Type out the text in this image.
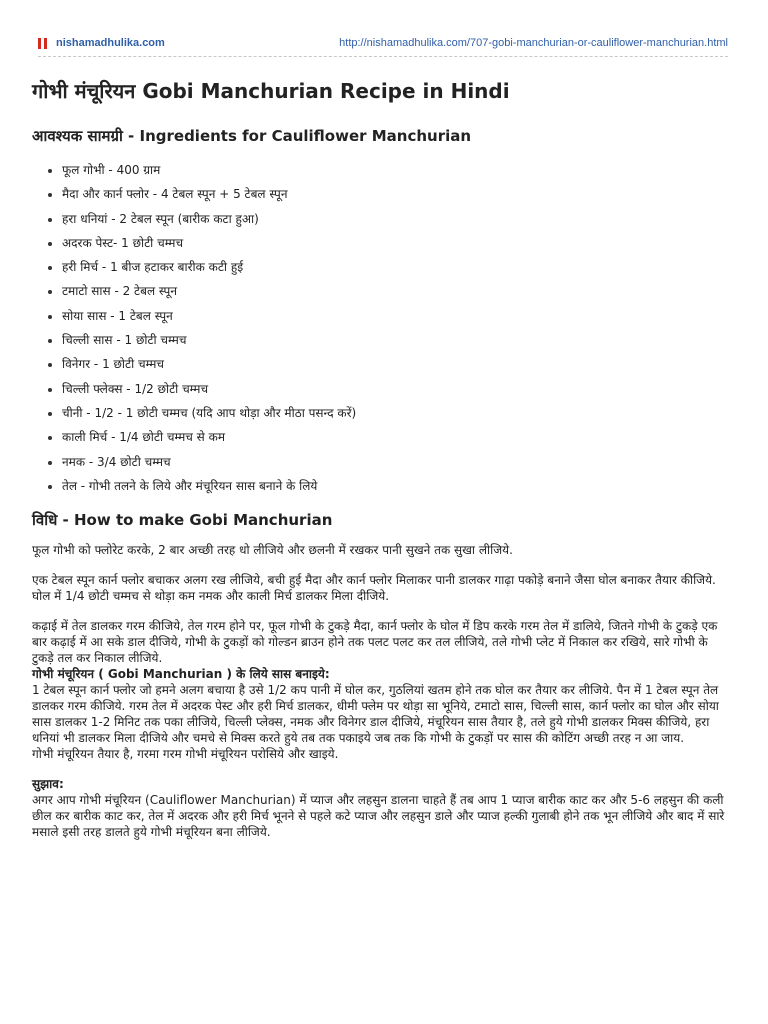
nishamadhulika.com	http://nishamadhulika.com/707-gobi-manchurian-or-cauliflower-manchurian.html
गोभी मंचूरियन Gobi Manchurian Recipe in Hindi
आवश्यक सामग्री - Ingredients for Cauliflower Manchurian
फूल गोभी - 400 ग्राम
मैदा और कार्न फ्लोर - 4 टेबल स्पून + 5 टेबल स्पून
हरा धनियां - 2 टेबल स्पून (बारीक कटा हुआ)
अदरक पेस्ट- 1 छोटी चम्मच
हरी मिर्च - 1 बीज हटाकर बारीक कटी हुई
टमाटो सास - 2 टेबल स्पून
सोया सास - 1 टेबल स्पून
चिल्ली सास - 1 छोटी चम्मच
विनेगर - 1 छोटी चम्मच
चिल्ली फ्लेक्स - 1/2 छोटी चम्मच
चीनी - 1/2 - 1 छोटी चम्मच (यदि आप थोड़ा और मीठा पसन्द करें)
काली मिर्च - 1/4 छोटी चम्मच से कम
नमक - 3/4 छोटी चम्मच
तेल - गोभी तलने के लिये और मंचूरियन सास बनाने के लिये
विधि - How to make Gobi Manchurian

फूल गोभी को फ्लोरेट करके, 2 बार अच्छी तरह धो लीजिये और छलनी में रखकर पानी सुखने तक सुखा लीजिये.

एक टेबल स्पून कार्न फ्लोर बचाकर अलग रख लीजिये, बची हुई मैदा और कार्न फ्लोर मिलाकर पानी डालकर गाढ़ा पकोड़े बनाने जैसा घोल बनाकर तैयार कीजिये. घोल में 1/4 छोटी चम्मच से थोड़ा कम नमक और काली मिर्च डालकर मिला दीजिये.

कढ़ाई में तेल डालकर गरम कीजिये, तेल गरम होने पर, फूल गोभी के टुकड़े मैदा, कार्न फ्लोर के घोल में डिप करके गरम तेल में डालिये, जितने गोभी के टुकड़े एक बार कढ़ाई में आ सके डाल दीजिये, गोभी के टुकड़ों को गोल्डन ब्राउन होने तक पलट पलट कर तल लीजिये, तले गोभी प्लेट में निकाल कर रखिये, सारे गोभी के टुकड़े तल कर निकाल लीजिये.

गोभी मंचूरियन ( Gobi Manchurian ) के लिये सास बनाइये:

1 टेबल स्पून कार्न फ्लोर जो हमने अलग बचाया है उसे 1/2 कप पानी में घोल कर, गुठलियां खतम होने तक घोल कर तैयार कर लीजिये. पैन में 1 टेबल स्पून तेल डालकर गरम कीजिये. गरम तेल में अदरक पेस्ट और हरी मिर्च डालकर, धीमी फ्लेम पर थोड़ा सा भूनिये, टमाटो सास, चिल्ली सास, कार्न फ्लोर का घोल और सोया सास डालकर 1-2 मिनिट तक पका लीजिये, चिल्ली प्लेक्स, नमक और विनेगर डाल दीजिये, मंचूरियन सास तैयार है, तले हुये गोभी डालकर मिक्स कीजिये, हरा धनियां भी डालकर मिला दीजिये और चमचे से मिक्स करते हुये तब तक पकाइये जब तक कि गोभी के टुकड़ों पर सास की कोटिंग अच्छी तरह न आ जाय.

गोभी मंचूरियन तैयार है, गरमा गरम गोभी मंचूरियन परोसिये और खाइये.

सुझाव:

अगर आप गोभी मंचूरियन (Cauliflower Manchurian) में प्याज और लहसुन डालना चाहते हैं तब आप 1 प्याज बारीक काट कर और 5-6 लहसुन की कली छील कर बारीक काट कर, तेल में अदरक और हरी मिर्च भूनने से पहले कटे प्याज और लहसुन डाले और प्याज हल्की गुलाबी होने तक भून लीजिये और बाद में सारे मसाले इसी तरह डालते हुये गोभी मंचूरियन बना लीजिये.
